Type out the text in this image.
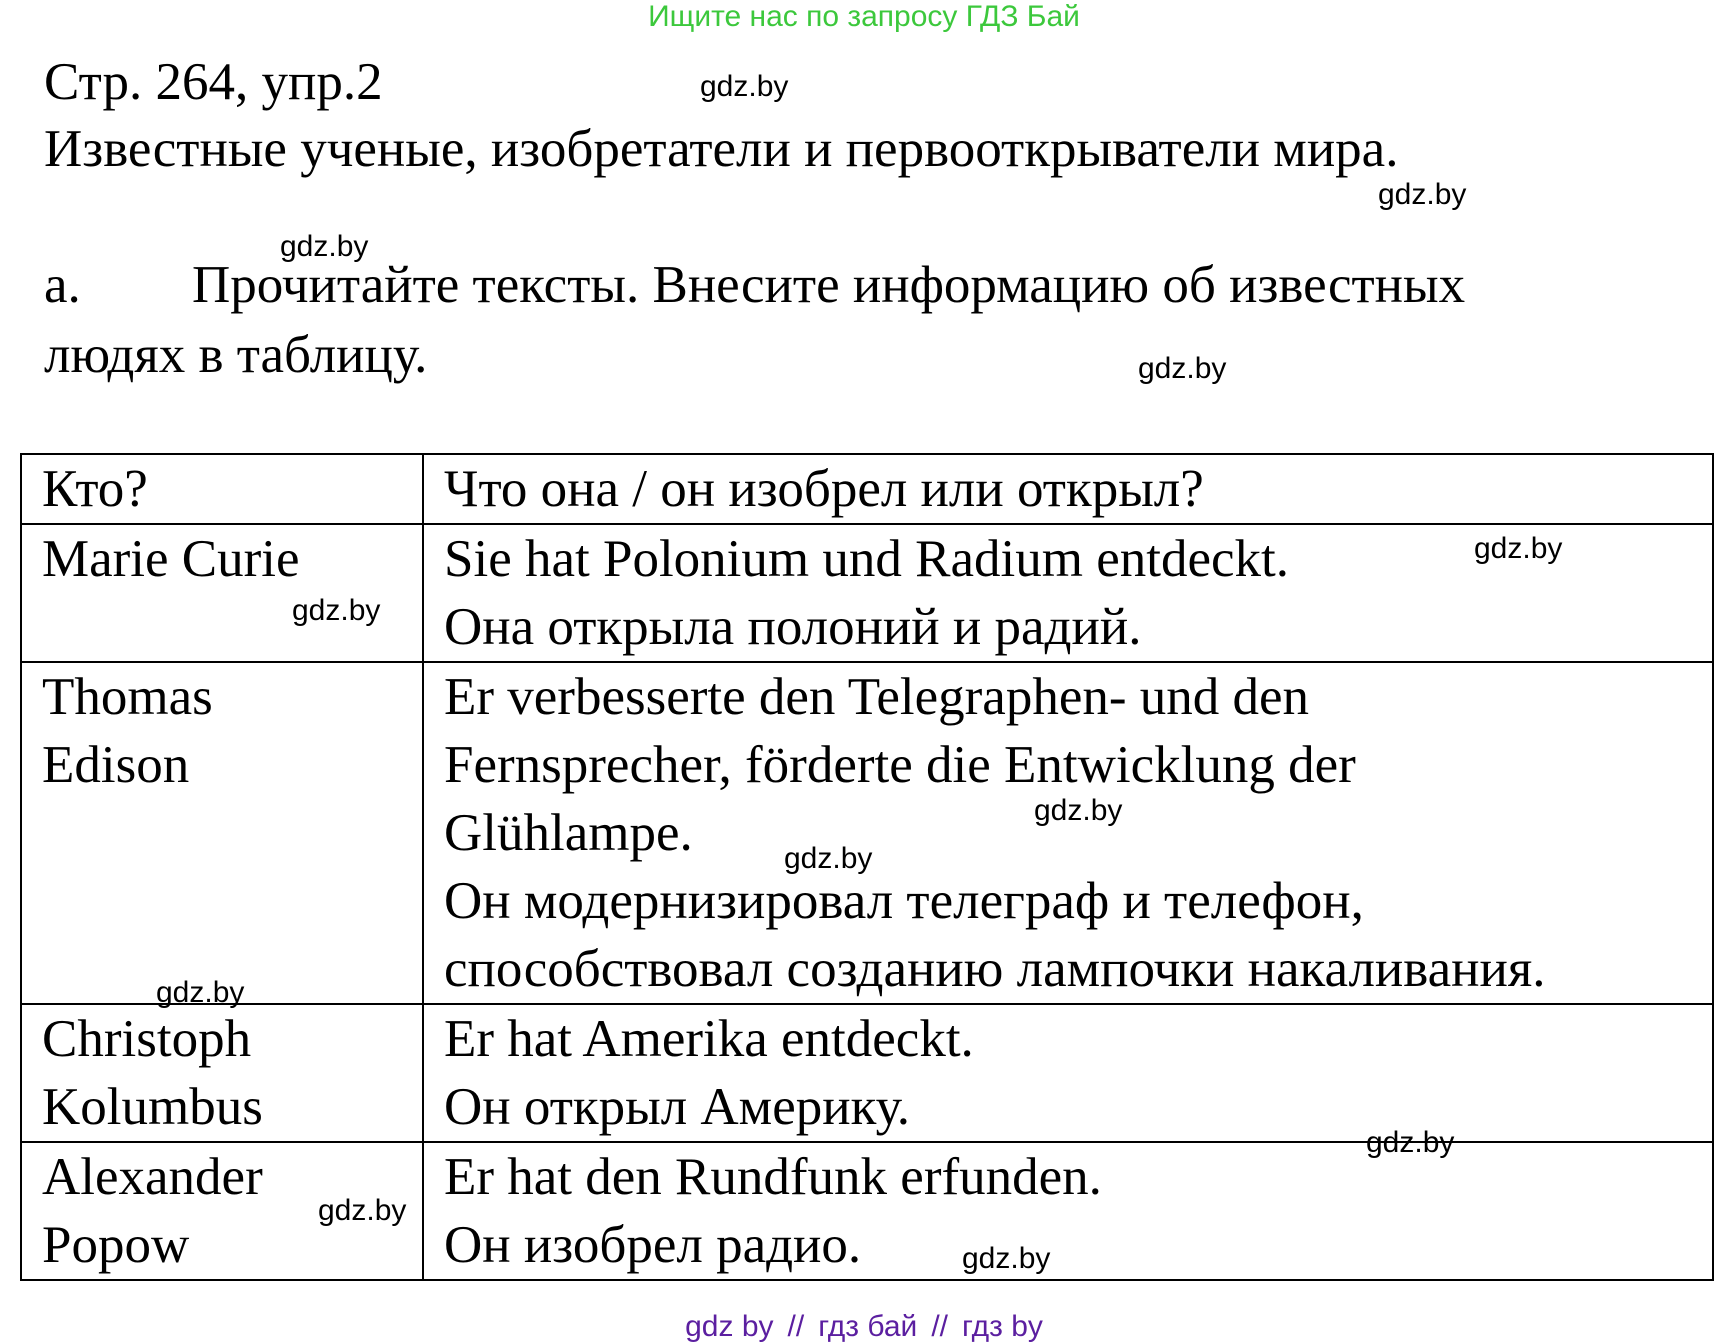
Ищите нас по запросу ГДЗ Бай
Стр. 264, упр.2
Известные ученые, изобретатели и первооткрыватели мира.
a. Прочитайте тексты. Внесите информацию об известных
людях в таблицу.
Кто?	Что она / он изобрел или открыл?

Marie Curie	Sie hat Polonium und Radium entdeckt.
Она открыла полоний и радий.

Thomas
Edison	Er verbesserte den Telegraphen- und den
Fernsprecher, förderte die Entwicklung der
Glühlampe.
Он модернизировал телеграф и телефон,
способствовал созданию лампочки накаливания.

Christoph
Kolumbus	Er hat Amerika entdeckt.
Он открыл Америку.

Alexander
Popow	Er hat den Rundfunk erfunden.
Он изобрел радио.
gdz.by
gdz.by
gdz.by
gdz.by
gdz.by
gdz.by
gdz.by
gdz.by
gdz.by
gdz.by
gdz.by
gdz.by
gdz by // гдз бай // гдз by
